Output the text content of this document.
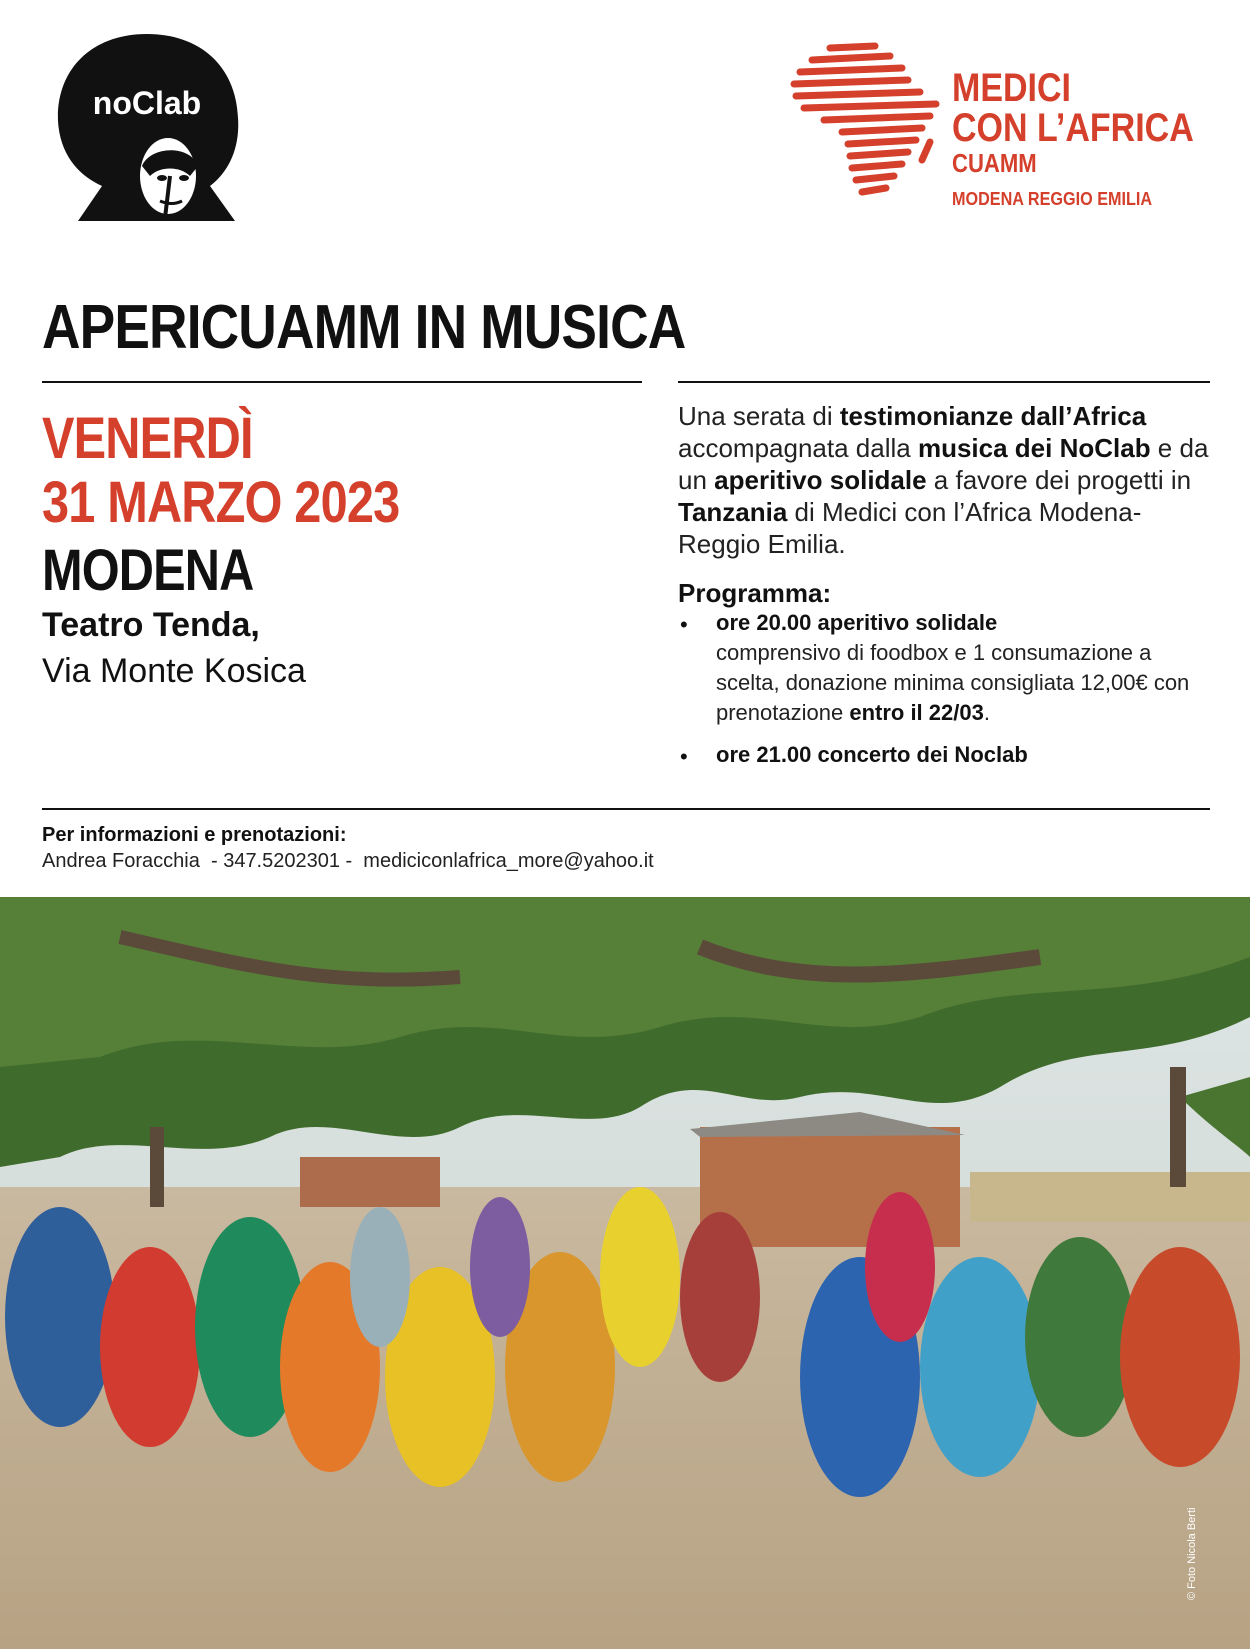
noClab	MEDICI
CON L’AFRICA
CUAMM
MODENA REGGIO EMILIA
APERICUAMM IN MUSICA
VENERDÌ
31 MARZO 2023
MODENA
Teatro Tenda,
Via Monte Kosica
Una serata di testimonianze dall’Africa accompagnata dalla musica dei NoClab e da un aperitivo solidale a favore dei progetti in Tanzania di Medici con l’Africa Modena-Reggio Emilia.
Programma:
• ore 20.00 aperitivo solidale
comprensivo di foodbox e 1 consumazione a scelta, donazione minima consigliata 12,00€ con prenotazione entro il 22/03.
• ore 21.00 concerto dei Noclab
Per informazioni e prenotazioni:
Andrea Foracchia  - 347.5202301 -  mediciconlafrica_more@yahoo.it
© Foto Nicola Berti
